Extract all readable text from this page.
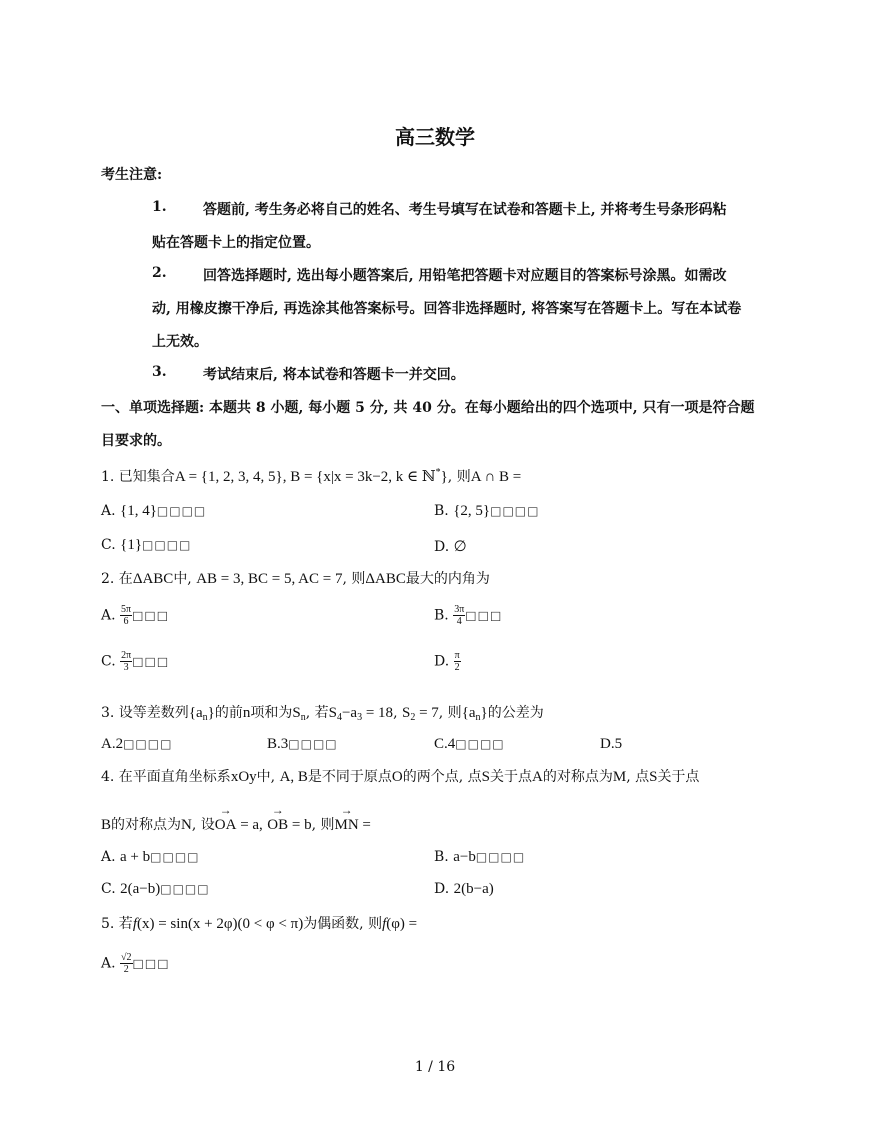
高三数学
考生注意:
1.	答题前, 考生务必将自己的姓名、考生号填写在试卷和答题卡上, 并将考生号条形码粘
贴在答题卡上的指定位置。
2.	回答选择题时, 选出每小题答案后, 用铅笔把答题卡对应题目的答案标号涂黑。如需改
动, 用橡皮擦干净后, 再选涂其他答案标号。回答非选择题时, 将答案写在答题卡上。写在本试卷
上无效。
3.	考试结束后, 将本试卷和答题卡一并交回。
一、单项选择题: 本题共 8 小题, 每小题 5 分, 共 40 分。在每小题给出的四个选项中, 只有一项是符合题
目要求的。
1. 已知集合A = {1, 2, 3, 4, 5}, B = {x|x = 3k−2, k ∈ ℕ*}, 则A ∩ B =
A. {1, 4}□□□□	B. {2, 5}□□□□
C. {1}□□□□	D. ∅
2. 在ΔABC中, AB = 3, BC = 5, AC = 7, 则ΔABC最大的内角为
A. $\frac{5\pi}{6}$ □□□	B. $\frac{3\pi}{4}$ □□□
C. $\frac{2\pi}{3}$ □□□	D. $\frac{\pi}{2}$
3. 设等差数列$\{a_n\}$的前n项和为$S_n$, 若$S_4-a_3 = 18$, $S_2 = 7$, 则$\{a_n\}$的公差为
A.2□□□□	B.3□□□□	C.4□□□□	D.5
4. 在平面直角坐标系xOy中, A, B是不同于原点O的两个点, 点S关于点A的对称点为M, 点S关于点
B的对称点为N, 设→ OA = a, → OB = b, 则→ MN =
A. a + b□□□□	B. a−b□□□□
C. 2(a−b)□□□□	D. 2(b−a)
5. 若f(x) = sin(x + 2φ)(0 < φ < π)为偶函数, 则f(φ) =
A. $\frac{√2}{2}$ □□□
1 / 16
